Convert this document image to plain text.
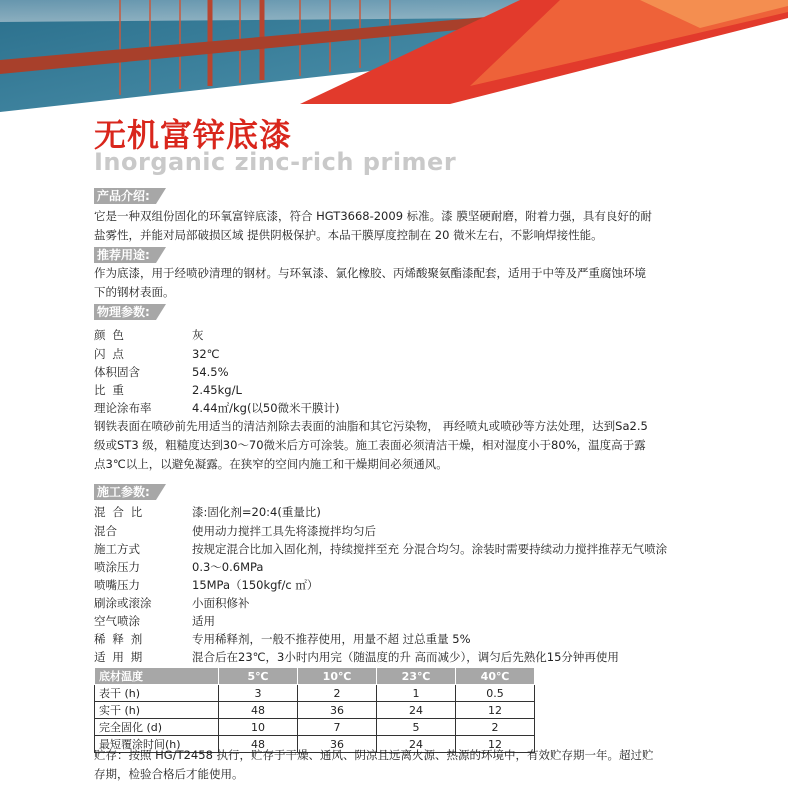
无机富锌底漆
Inorganic zinc-rich primer
产品介绍:

它是一种双组份固化的环氧富锌底漆，符合 HGT3668-2009 标准。漆 膜坚硬耐磨，附着力强，具有良好的耐
盐雾性，并能对局部破损区域 提供阴极保护。本品干膜厚度控制在 20 微米左右，不影响焊接性能。

推荐用途:

作为底漆，用于经喷砂清理的钢材。与环氧漆、氯化橡胶、丙烯酸聚氨酯漆配套，适用于中等及严重腐蚀环境
下的钢材表面。

物理参数:
颜色	灰
闪点	32℃
体积固含	54.5%
比重	2.45kg/L
理论涂布率	4.44㎡/kg(以50微米干膜计)

钢铁表面在喷砂前先用适当的清洁剂除去表面的油脂和其它污染物， 再经喷丸或喷砂等方法处理，达到Sa2.5
级或ST3 级，粗糙度达到30～70微米后方可涂装。施工表面必须清洁干燥，相对湿度小于80%，温度高于露
点3℃以上，以避免凝露。在狭窄的空间内施工和干燥期间必须通风。

施工参数:
混合比	漆:固化剂=20:4(重量比)
混合	使用动力搅拌工具先将漆搅拌均匀后
施工方式	按规定混合比加入固化剂，持续搅拌至充 分混合均匀。涂装时需要持续动力搅拌推荐无气喷涂
喷涂压力	0.3～0.6MPa
喷嘴压力	15MPa（150kgf/c ㎡）
刷涂或滚涂	小面积修补
空气喷涂	适用
稀释剂	专用稀释剂，一般不推荐使用，用量不超 过总重量 5%
适用期	混合后在23℃，3小时内用完（随温度的升 高而减少），调匀后先熟化15分钟再使用
底材温度	5℃	10℃	23℃	40℃
表干 (h)	3	2	1	0.5
实干 (h)	48	36	24	12
完全固化 (d)	10	7	5	2
最短覆涂时间(h)	48	36	24	12

贮存：按照 HG/T2458 执行，贮存于干燥、通风、阴凉且远离火源、热源的环境中，有效贮存期一年。超过贮
存期，检验合格后才能使用。
